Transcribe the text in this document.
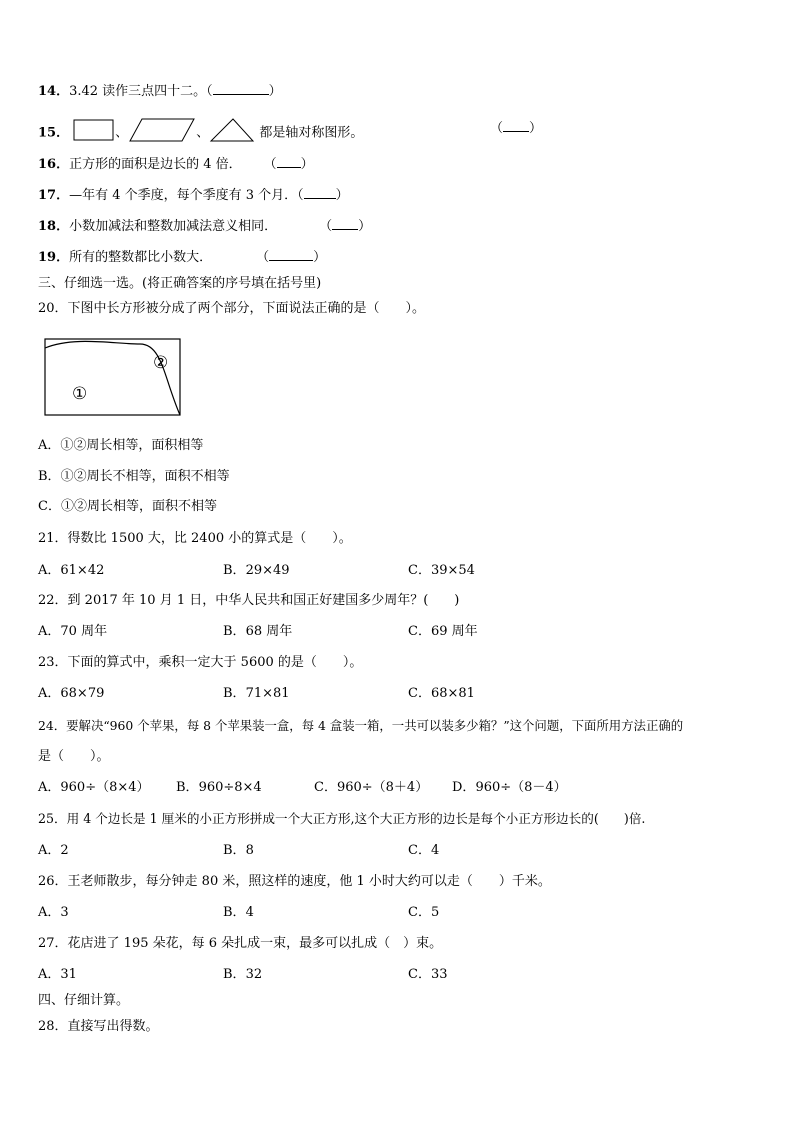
14．3.42 读作三点四十二。（	）
15．	、	、	都是轴对称图形。	（ ）
16．正方形的面积是边长的 4 倍． （ ）
17．—年有 4 个季度，每个季度有 3 个月．（ ）
18．小数加减法和整数加减法意义相同．	（ ）
19．所有的整数都比小数大．	（	）
三、仔细选一选。(将正确答案的序号填在括号里)
20．下图中长方形被分成了两个部分，下面说法正确的是（　　）。
①
②
A．①②周长相等，面积相等
B．①②周长不相等，面积不相等
C．①②周长相等，面积不相等
21．得数比 1500 大，比 2400 小的算式是（　　）。
A．61×42	B．29×49	C．39×54
22．到 2017 年 10 月 1 日，中华人民共和国正好建国多少周年？(　　)
A．70 周年	B．68 周年	C．69 周年
23．下面的算式中，乘积一定大于 5600 的是（　　）。
A．68×79	B．71×81	C．68×81
24．要解决“960 个苹果，每 8 个苹果装一盒，每 4 盒装一箱，一共可以装多少箱？”这个问题，下面所用方法正确的
是（　　）。
A．960÷（8×4） B．960÷8×4	C．960÷（8＋4） D．960÷（8－4）
25．用 4 个边长是 1 厘米的小正方形拼成一个大正方形,这个大正方形的边长是每个小正方形边长的(　　)倍.
A．2	B．8	C．4
26．王老师散步，每分钟走 80 米，照这样的速度，他 1 小时大约可以走（　　）千米。
A．3	B．4	C．5
27．花店进了 195 朵花，每 6 朵扎成一束，最多可以扎成（　）束。
A．31	B．32	C．33
四、仔细计算。
28．直接写出得数。
